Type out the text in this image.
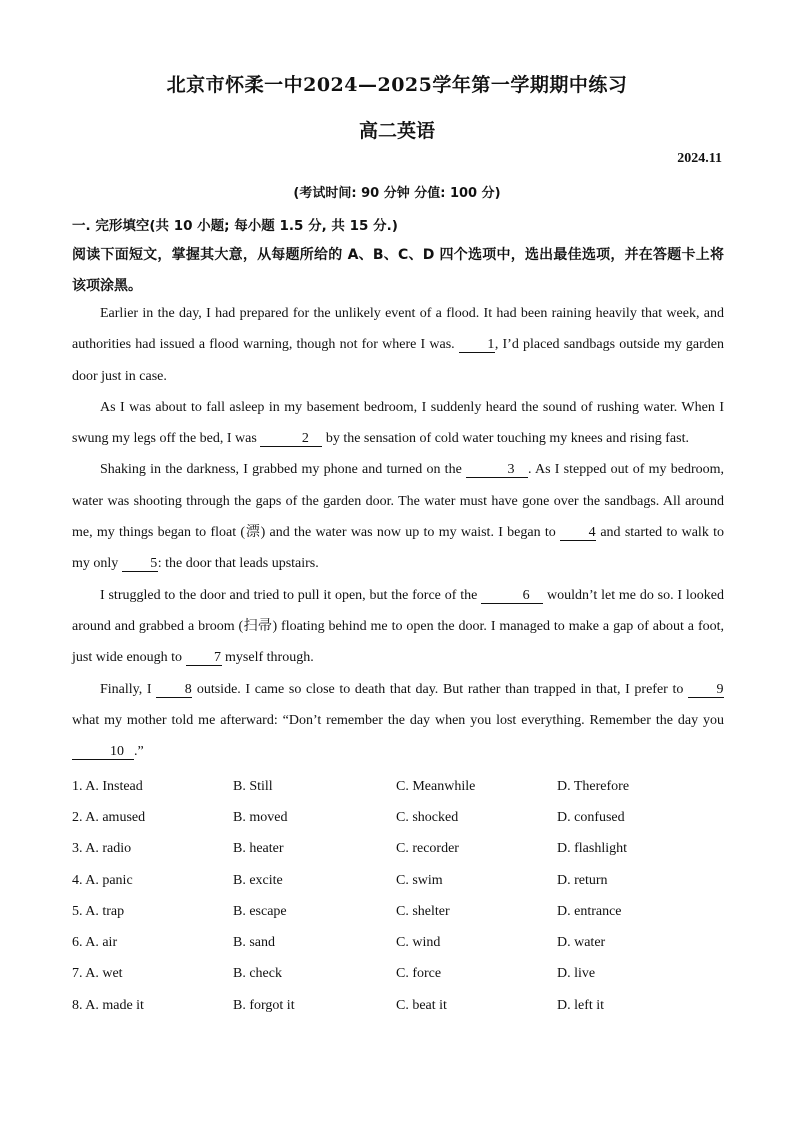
北京市怀柔一中2024—2025学年第一学期期中练习
高二英语
2024.11
(考试时间: 90 分钟 分值: 100 分)
一. 完形填空(共 10 小题; 每小题 1.5 分, 共 15 分.)
阅读下面短文，掌握其大意，从每题所给的 A、B、C、D 四个选项中，选出最佳选项，并在答题卡上将该项涂黑。

Earlier in the day, I had prepared for the unlikely event of a flood. It had been raining heavily that week, and authorities had issued a flood warning, though not for where I was. 1, I’d placed sandbags outside my garden door just in case.

As I was about to fall asleep in my basement bedroom, I suddenly heard the sound of rushing water. When I swung my legs off the bed, I was	2 by the sensation of cold water touching my knees and rising fast.

Shaking in the darkness, I grabbed my phone and turned on the	3 . As I stepped out of my bedroom, water was shooting through the gaps of the garden door. The water must have gone over the sandbags. All around me, my things began to float (漂) and the water was now up to my waist. I began to 4 and started to walk to my only 5: the door that leads upstairs.

I struggled to the door and tried to pull it open, but the force of the	6 wouldn’t let me do so. I looked around and grabbed a broom (扫帚) floating behind me to open the door. I managed to make a gap of about a foot, just wide enough to 7 myself through.

Finally, I 8 outside. I came so close to death that day. But rather than trapped in that, I prefer to 9 what my mother told me afterward: “Don’t remember the day when you lost everything. Remember the day you 10 .”

1. A. Instead	B. Still	C. Meanwhile	D. Therefore
2. A. amused	B. moved	C. shocked	D. confused
3. A. radio	B. heater	C. recorder	D. flashlight
4. A. panic	B. excite	C. swim	D. return
5. A. trap	B. escape	C. shelter	D. entrance
6. A. air	B. sand	C. wind	D. water
7. A. wet	B. check	C. force	D. live
8. A. made it	B. forgot it	C. beat it	D. left it
